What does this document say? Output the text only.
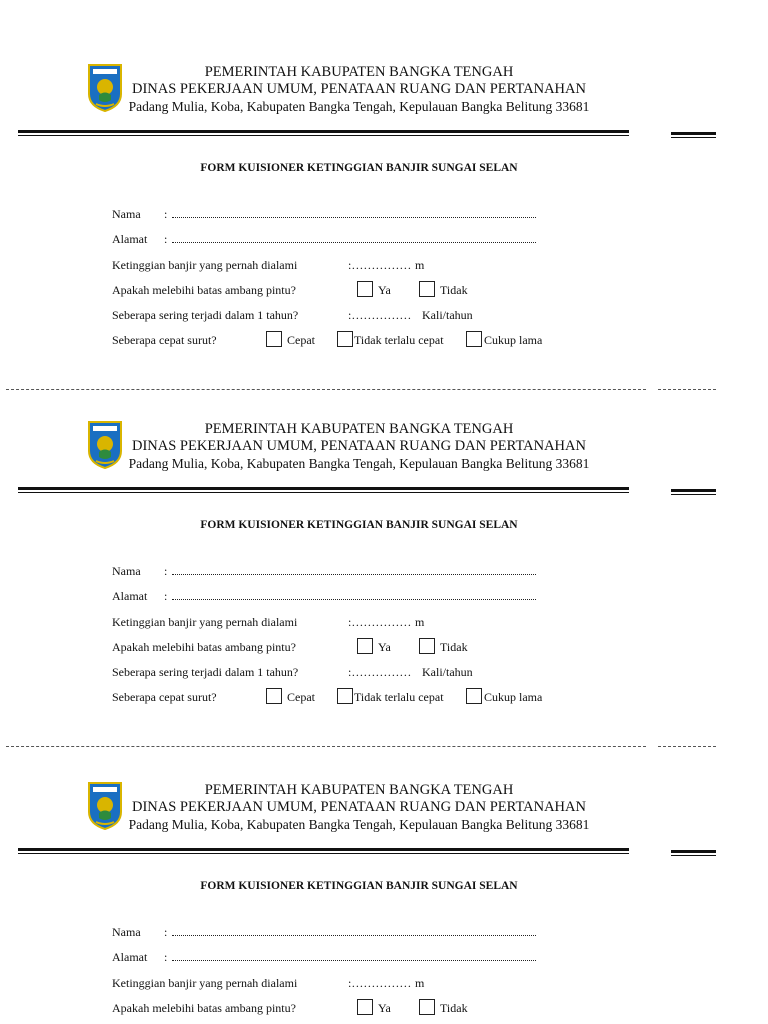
PEMERINTAH KABUPATEN BANGKA TENGAH
DINAS PEKERJAAN UMUM, PENATAAN RUANG DAN PERTANAHAN
Padang Mulia, Koba, Kabupaten Bangka Tengah, Kepulauan Bangka Belitung 33681
FORM KUISIONER KETINGGIAN BANJIR SUNGAI SELAN
Nama :
Alamat :
Ketinggian banjir yang pernah dialami	:…………… m
Apakah melebihi batas ambang pintu?	Ya	Tidak
Seberapa sering terjadi dalam 1 tahun?	:…………… Kali/tahun
Seberapa cepat surut?	Cepat	Tidak terlalu cepat	Cukup lama
PEMERINTAH KABUPATEN BANGKA TENGAH
DINAS PEKERJAAN UMUM, PENATAAN RUANG DAN PERTANAHAN
Padang Mulia, Koba, Kabupaten Bangka Tengah, Kepulauan Bangka Belitung 33681
FORM KUISIONER KETINGGIAN BANJIR SUNGAI SELAN
Nama :
Alamat :
Ketinggian banjir yang pernah dialami	:…………… m
Apakah melebihi batas ambang pintu?	Ya	Tidak
Seberapa sering terjadi dalam 1 tahun?	:…………… Kali/tahun
Seberapa cepat surut?	Cepat	Tidak terlalu cepat	Cukup lama
PEMERINTAH KABUPATEN BANGKA TENGAH
DINAS PEKERJAAN UMUM, PENATAAN RUANG DAN PERTANAHAN
Padang Mulia, Koba, Kabupaten Bangka Tengah, Kepulauan Bangka Belitung 33681
FORM KUISIONER KETINGGIAN BANJIR SUNGAI SELAN
Nama :
Alamat :
Ketinggian banjir yang pernah dialami	:…………… m
Apakah melebihi batas ambang pintu?	Ya	Tidak
